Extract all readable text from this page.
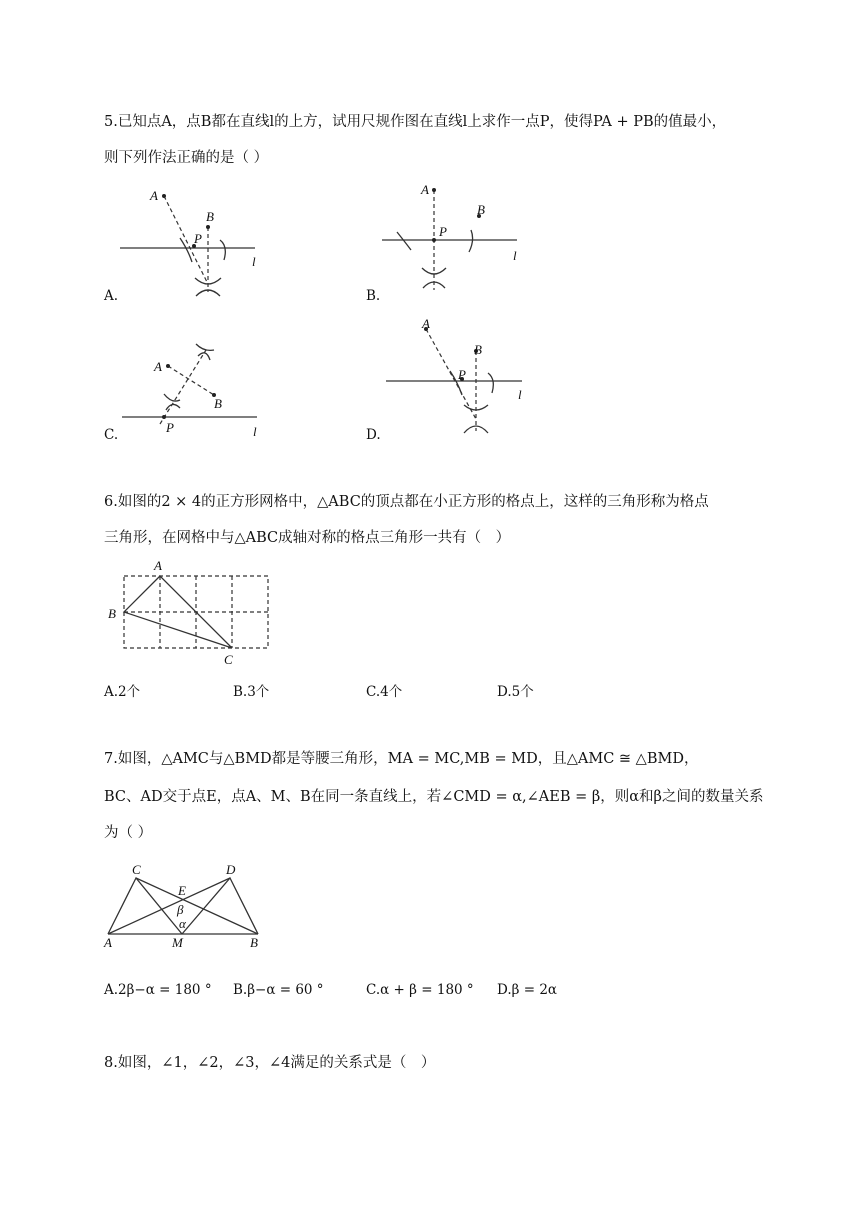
5.已知点A，点B都在直线l的上方，试用尺规作图在直线l上求作一点P，使得PA + PB的值最小，
则下列作法正确的是（ ）
A
B
P
l
A.
A
B
P
l
B.
A
B
P	l
C.
A
B
P
l
D.
6.如图的2 × 4的正方形网格中，△ABC的顶点都在小正方形的格点上，这样的三角形称为格点
三角形，在网格中与△ABC成轴对称的格点三角形一共有（　）
A
B
C
A.2个	B.3个	C.4个	D.5个
7.如图，△AMC与△BMD都是等腰三角形，MA = MC,MB = MD，且△AMC ≅ △BMD，
BC、AD交于点E，点A、M、B在同一条直线上，若∠CMD = α,∠AEB = β，则α和β之间的数量关系
为（ ）
C	D
E
β
α
A	M	B
A.2β−α = 180 ° B.β−α = 60 °	C.α + β = 180 ° D.β = 2α
8.如图，∠1，∠2，∠3，∠4满足的关系式是（　）
